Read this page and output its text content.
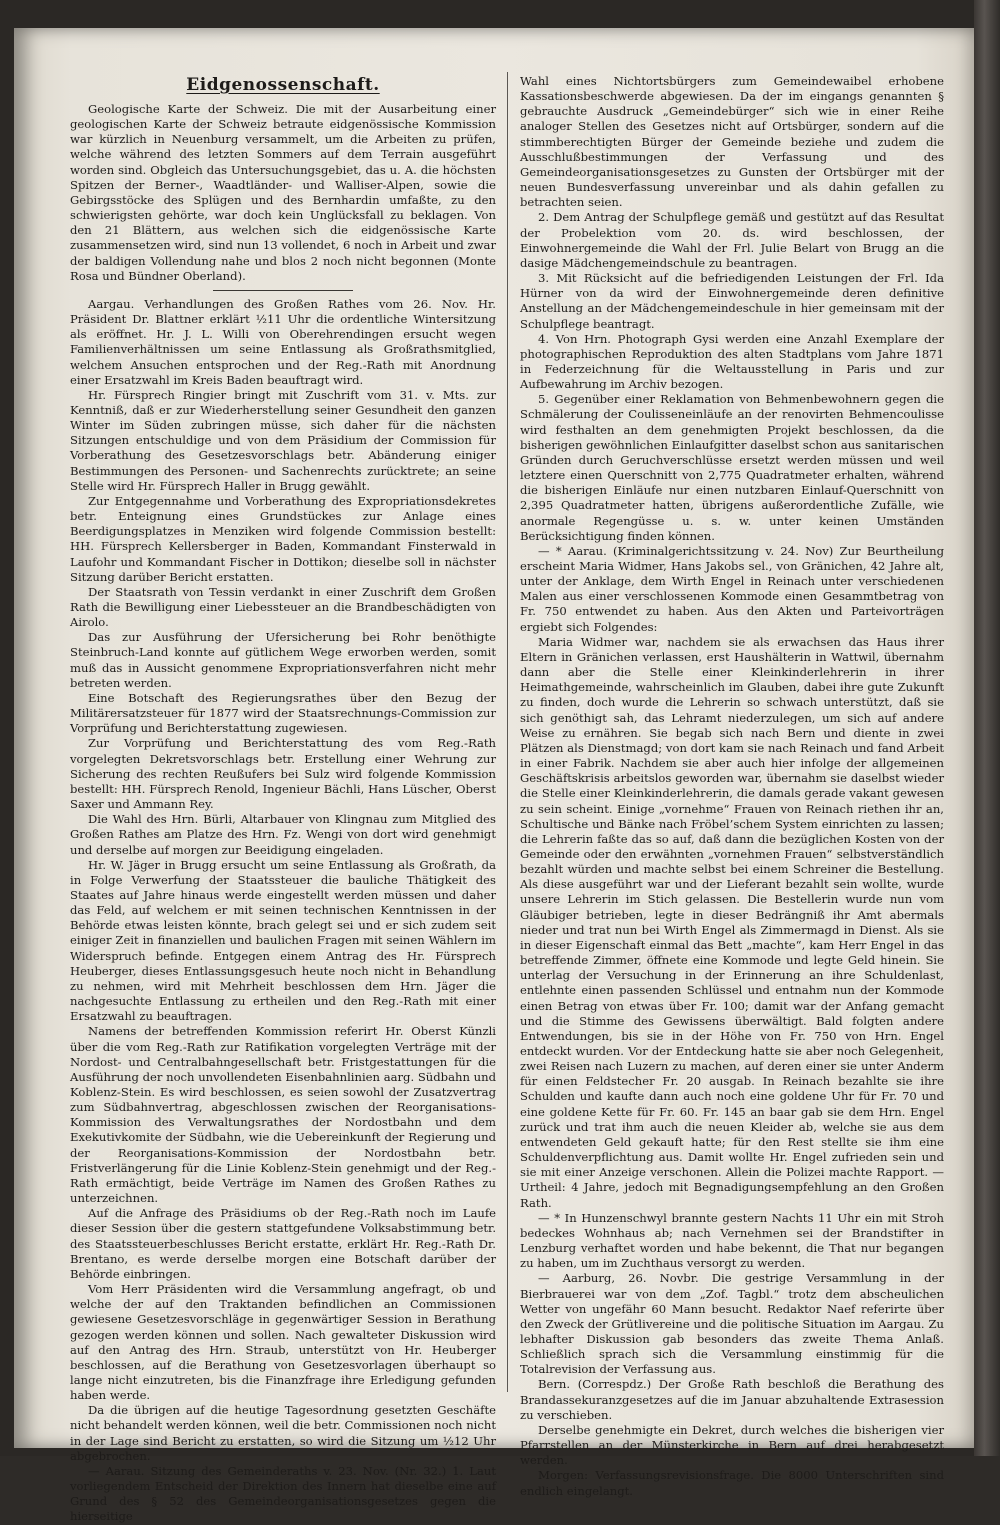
Eidgenossenschaft.

Geologische Karte der Schweiz. Die mit der Ausarbeitung einer geologischen Karte der Schweiz betraute eidgenössische Kommission war kürzlich in Neuenburg versammelt, um die Arbeiten zu prüfen, welche während des letzten Sommers auf dem Terrain ausgeführt worden sind. Obgleich das Untersuchungsgebiet, das u. A. die höchsten Spitzen der Berner-, Waadtländer- und Walliser-Alpen, sowie die Gebirgsstöcke des Splügen und des Bernhardin umfaßte, zu den schwierigsten gehörte, war doch kein Unglücksfall zu beklagen. Von den 21 Blättern, aus welchen sich die eidgenössische Karte zusammensetzen wird, sind nun 13 vollendet, 6 noch in Arbeit und zwar der baldigen Vollendung nahe und blos 2 noch nicht begonnen (Monte Rosa und Bündner Oberland).

Aargau. Verhandlungen des Großen Rathes vom 26. Nov. Hr. Präsident Dr. Blattner erklärt ½11 Uhr die ordentliche Wintersitzung als eröffnet. Hr. J. L. Willi von Oberehrendingen ersucht wegen Familienverhältnissen um seine Entlassung als Großrathsmitglied, welchem Ansuchen entsprochen und der Reg.-Rath mit Anordnung einer Ersatzwahl im Kreis Baden beauftragt wird.

Hr. Fürsprech Ringier bringt mit Zuschrift vom 31. v. Mts. zur Kenntniß, daß er zur Wiederherstellung seiner Gesundheit den ganzen Winter im Süden zubringen müsse, sich daher für die nächsten Sitzungen entschuldige und von dem Präsidium der Commission für Vorberathung des Gesetzesvorschlags betr. Abänderung einiger Bestimmungen des Personen- und Sachenrechts zurücktrete; an seine Stelle wird Hr. Fürsprech Haller in Brugg gewählt.

Zur Entgegennahme und Vorberathung des Expropriationsdekretes betr. Enteignung eines Grundstückes zur Anlage eines Beerdigungsplatzes in Menziken wird folgende Commission bestellt: HH. Fürsprech Kellersberger in Baden, Kommandant Finsterwald in Laufohr und Kommandant Fischer in Dottikon; dieselbe soll in nächster Sitzung darüber Bericht erstatten.

Der Staatsrath von Tessin verdankt in einer Zuschrift dem Großen Rath die Bewilligung einer Liebessteuer an die Brandbeschädigten von Airolo.

Das zur Ausführung der Ufersicherung bei Rohr benöthigte Steinbruch-Land konnte auf gütlichem Wege erworben werden, somit muß das in Aussicht genommene Expropriationsverfahren nicht mehr betreten werden.

Eine Botschaft des Regierungsrathes über den Bezug der Militärersatzsteuer für 1877 wird der Staatsrechnungs-Commission zur Vorprüfung und Berichterstattung zugewiesen.

Zur Vorprüfung und Berichterstattung des vom Reg.-Rath vorgelegten Dekretsvorschlags betr. Erstellung einer Wehrung zur Sicherung des rechten Reußufers bei Sulz wird folgende Kommission bestellt: HH. Fürsprech Renold, Ingenieur Bächli, Hans Lüscher, Oberst Saxer und Ammann Rey.

Die Wahl des Hrn. Bürli, Altarbauer von Klingnau zum Mitglied des Großen Rathes am Platze des Hrn. Fz. Wengi von dort wird genehmigt und derselbe auf morgen zur Beeidigung eingeladen.

Hr. W. Jäger in Brugg ersucht um seine Entlassung als Großrath, da in Folge Verwerfung der Staatssteuer die bauliche Thätigkeit des Staates auf Jahre hinaus werde eingestellt werden müssen und daher das Feld, auf welchem er mit seinen technischen Kenntnissen in der Behörde etwas leisten könnte, brach gelegt sei und er sich zudem seit einiger Zeit in finanziellen und baulichen Fragen mit seinen Wählern im Widerspruch befinde. Entgegen einem Antrag des Hr. Fürsprech Heuberger, dieses Entlassungsgesuch heute noch nicht in Behandlung zu nehmen, wird mit Mehrheit beschlossen dem Hrn. Jäger die nachgesuchte Entlassung zu ertheilen und den Reg.-Rath mit einer Ersatzwahl zu beauftragen.

Namens der betreffenden Kommission referirt Hr. Oberst Künzli über die vom Reg.-Rath zur Ratifikation vorgelegten Verträge mit der Nordost- und Centralbahngesellschaft betr. Fristgestattungen für die Ausführung der noch unvollendeten Eisenbahnlinien aarg. Südbahn und Koblenz-Stein. Es wird beschlossen, es seien sowohl der Zusatzvertrag zum Südbahnvertrag, abgeschlossen zwischen der Reorganisations-Kommission des Verwaltungsrathes der Nordostbahn und dem Exekutivkomite der Südbahn, wie die Uebereinkunft der Regierung und der Reorganisations-Kommission der Nordostbahn betr. Fristverlängerung für die Linie Koblenz-Stein genehmigt und der Reg.-Rath ermächtigt, beide Verträge im Namen des Großen Rathes zu unterzeichnen.

Auf die Anfrage des Präsidiums ob der Reg.-Rath noch im Laufe dieser Session über die gestern stattgefundene Volksabstimmung betr. des Staatssteuerbeschlusses Bericht erstatte, erklärt Hr. Reg.-Rath Dr. Brentano, es werde derselbe morgen eine Botschaft darüber der Behörde einbringen.

Vom Herr Präsidenten wird die Versammlung angefragt, ob und welche der auf den Traktanden befindlichen an Commissionen gewiesene Gesetzesvorschläge in gegenwärtiger Session in Berathung gezogen werden können und sollen. Nach gewalteter Diskussion wird auf den Antrag des Hrn. Straub, unterstützt von Hr. Heuberger beschlossen, auf die Berathung von Gesetzesvorlagen überhaupt so lange nicht einzutreten, bis die Finanzfrage ihre Erledigung gefunden haben werde.

Da die übrigen auf die heutige Tagesordnung gesetzten Geschäfte nicht behandelt werden können, weil die betr. Commissionen noch nicht in der Lage sind Bericht zu erstatten, so wird die Sitzung um ½12 Uhr abgebrochen.

— Aarau. Sitzung des Gemeinderaths v. 23. Nov. (Nr. 32.) 1. Laut vorliegendem Entscheid der Direktion des Innern hat dieselbe eine auf Grund des § 52 des Gemeindeorganisationsgesetzes gegen die hierseitige

Wahl eines Nichtortsbürgers zum Gemeindewaibel erhobene Kassationsbeschwerde abgewiesen. Da der im eingangs genannten § gebrauchte Ausdruck „Gemeindebürger“ sich wie in einer Reihe analoger Stellen des Gesetzes nicht auf Ortsbürger, sondern auf die stimmberechtigten Bürger der Gemeinde beziehe und zudem die Ausschlußbestimmungen der Verfassung und des Gemeindeorganisationsgesetzes zu Gunsten der Ortsbürger mit der neuen Bundesverfassung unvereinbar und als dahin gefallen zu betrachten seien.

2. Dem Antrag der Schulpflege gemäß und gestützt auf das Resultat der Probelektion vom 20. ds. wird beschlossen, der Einwohnergemeinde die Wahl der Frl. Julie Belart von Brugg an die dasige Mädchengemeindschule zu beantragen.

3. Mit Rücksicht auf die befriedigenden Leistungen der Frl. Ida Hürner von da wird der Einwohnergemeinde deren definitive Anstellung an der Mädchengemeindeschule in hier gemeinsam mit der Schulpflege beantragt.

4. Von Hrn. Photograph Gysi werden eine Anzahl Exemplare der photographischen Reproduktion des alten Stadtplans vom Jahre 1871 in Federzeichnung für die Weltausstellung in Paris und zur Aufbewahrung im Archiv bezogen.

5. Gegenüber einer Reklamation von Behmenbewohnern gegen die Schmälerung der Coulisseneinläufe an der renovirten Behmencoulisse wird festhalten an dem genehmigten Projekt beschlossen, da die bisherigen gewöhnlichen Einlaufgitter daselbst schon aus sanitarischen Gründen durch Geruchverschlüsse ersetzt werden müssen und weil letztere einen Querschnitt von 2,775 Quadratmeter erhalten, während die bisherigen Einläufe nur einen nutzbaren Einlauf-Querschnitt von 2,395 Quadratmeter hatten, übrigens außerordentliche Zufälle, wie anormale Regengüsse u. s. w. unter keinen Umständen Berücksichtigung finden können.

— * Aarau. (Kriminalgerichtssitzung v. 24. Nov) Zur Beurtheilung erscheint Maria Widmer, Hans Jakobs sel., von Gränichen, 42 Jahre alt, unter der Anklage, dem Wirth Engel in Reinach unter verschiedenen Malen aus einer verschlossenen Kommode einen Gesammtbetrag von Fr. 750 entwendet zu haben. Aus den Akten und Parteivorträgen ergiebt sich Folgendes:

Maria Widmer war, nachdem sie als erwachsen das Haus ihrer Eltern in Gränichen verlassen, erst Haushälterin in Wattwil, übernahm dann aber die Stelle einer Kleinkinderlehrerin in ihrer Heimathgemeinde, wahrscheinlich im Glauben, dabei ihre gute Zukunft zu finden, doch wurde die Lehrerin so schwach unterstützt, daß sie sich genöthigt sah, das Lehramt niederzulegen, um sich auf andere Weise zu ernähren. Sie begab sich nach Bern und diente in zwei Plätzen als Dienstmagd; von dort kam sie nach Reinach und fand Arbeit in einer Fabrik. Nachdem sie aber auch hier infolge der allgemeinen Geschäftskrisis arbeitslos geworden war, übernahm sie daselbst wieder die Stelle einer Kleinkinderlehrerin, die damals gerade vakant gewesen zu sein scheint. Einige „vornehme“ Frauen von Reinach riethen ihr an, Schultische und Bänke nach Fröbel’schem System einrichten zu lassen; die Lehrerin faßte das so auf, daß dann die bezüglichen Kosten von der Gemeinde oder den erwähnten „vornehmen Frauen“ selbstverständlich bezahlt würden und machte selbst bei einem Schreiner die Bestellung. Als diese ausgeführt war und der Lieferant bezahlt sein wollte, wurde unsere Lehrerin im Stich gelassen. Die Bestellerin wurde nun vom Gläubiger betrieben, legte in dieser Bedrängniß ihr Amt abermals nieder und trat nun bei Wirth Engel als Zimmermagd in Dienst. Als sie in dieser Eigenschaft einmal das Bett „machte“, kam Herr Engel in das betreffende Zimmer, öffnete eine Kommode und legte Geld hinein. Sie unterlag der Versuchung in der Erinnerung an ihre Schuldenlast, entlehnte einen passenden Schlüssel und entnahm nun der Kommode einen Betrag von etwas über Fr. 100; damit war der Anfang gemacht und die Stimme des Gewissens überwältigt. Bald folgten andere Entwendungen, bis sie in der Höhe von Fr. 750 von Hrn. Engel entdeckt wurden. Vor der Entdeckung hatte sie aber noch Gelegenheit, zwei Reisen nach Luzern zu machen, auf deren einer sie unter Anderm für einen Feldstecher Fr. 20 ausgab. In Reinach bezahlte sie ihre Schulden und kaufte dann auch noch eine goldene Uhr für Fr. 70 und eine goldene Kette für Fr. 60. Fr. 145 an baar gab sie dem Hrn. Engel zurück und trat ihm auch die neuen Kleider ab, welche sie aus dem entwendeten Geld gekauft hatte; für den Rest stellte sie ihm eine Schuldenverpflichtung aus. Damit wollte Hr. Engel zufrieden sein und sie mit einer Anzeige verschonen. Allein die Polizei machte Rapport. — Urtheil: 4 Jahre, jedoch mit Begnadigungsempfehlung an den Großen Rath.

— * In Hunzenschwyl brannte gestern Nachts 11 Uhr ein mit Stroh bedeckes Wohnhaus ab; nach Vernehmen sei der Brandstifter in Lenzburg verhaftet worden und habe bekennt, die That nur begangen zu haben, um im Zuchthaus versorgt zu werden.

— Aarburg, 26. Novbr. Die gestrige Versammlung in der Bierbrauerei war von dem „Zof. Tagbl.“ trotz dem abscheulichen Wetter von ungefähr 60 Mann besucht. Redaktor Naef referirte über den Zweck der Grütlivereine und die politische Situation im Aargau. Zu lebhafter Diskussion gab besonders das zweite Thema Anlaß. Schließlich sprach sich die Versammlung einstimmig für die Totalrevision der Verfassung aus.

Bern. (Correspdz.) Der Große Rath beschloß die Berathung des Brandassekuranzgesetzes auf die im Januar abzuhaltende Extrasession zu verschieben.

Derselbe genehmigte ein Dekret, durch welches die bisherigen vier Pfarrstellen an der Münsterkirche in Bern auf drei herabgesetzt werden.

Morgen: Verfassungsrevisionsfrage. Die 8000 Unterschriften sind endlich eingelangt.
